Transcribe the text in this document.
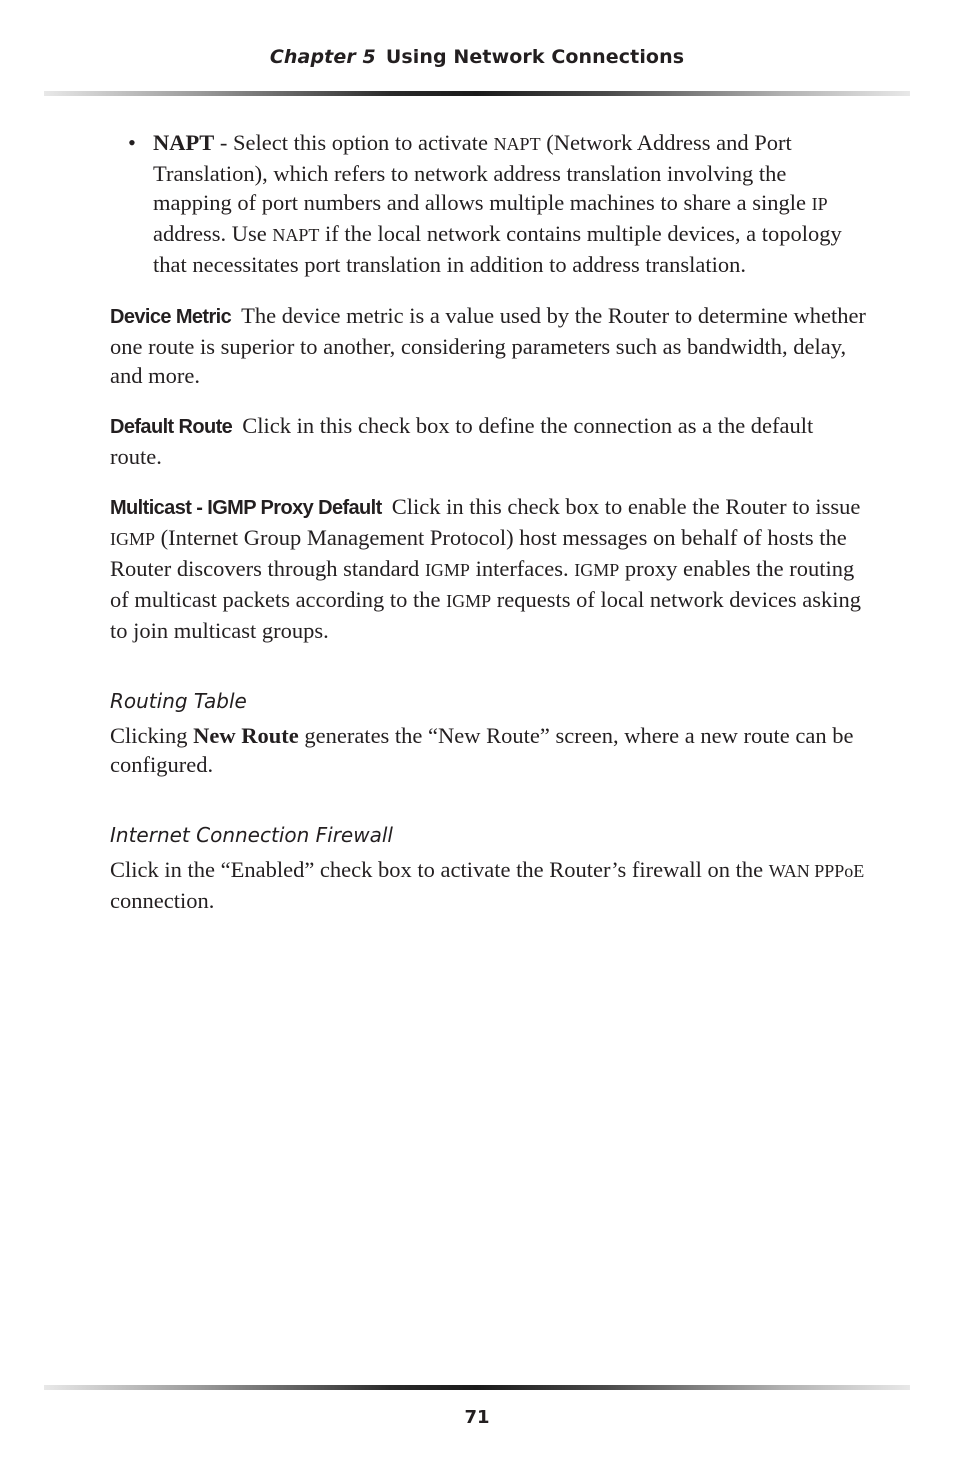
Chapter 5 Using Network Connections
• NAPT - Select this option to activate NAPT (Network Address and Port Translation), which refers to network address translation involving the mapping of port numbers and allows multiple machines to share a single IP address. Use NAPT if the local network contains multiple devices, a topology that necessitates port translation in addition to address translation.

Device Metric The device metric is a value used by the Router to determine whether one route is superior to another, considering parameters such as bandwidth, delay, and more.

Default Route Click in this check box to define the connection as a the default route.

Multicast - IGMP Proxy Default Click in this check box to enable the Router to issue IGMP (Internet Group Management Protocol) host messages on behalf of hosts the Router discovers through standard IGMP interfaces. IGMP proxy enables the routing of multicast packets according to the IGMP requests of local network devices asking to join multicast groups.

Routing Table

Clicking New Route generates the “New Route” screen, where a new route can be configured.

Internet Connection Firewall

Click in the “Enabled” check box to activate the Router’s firewall on the WAN PPPoE connection.

71
